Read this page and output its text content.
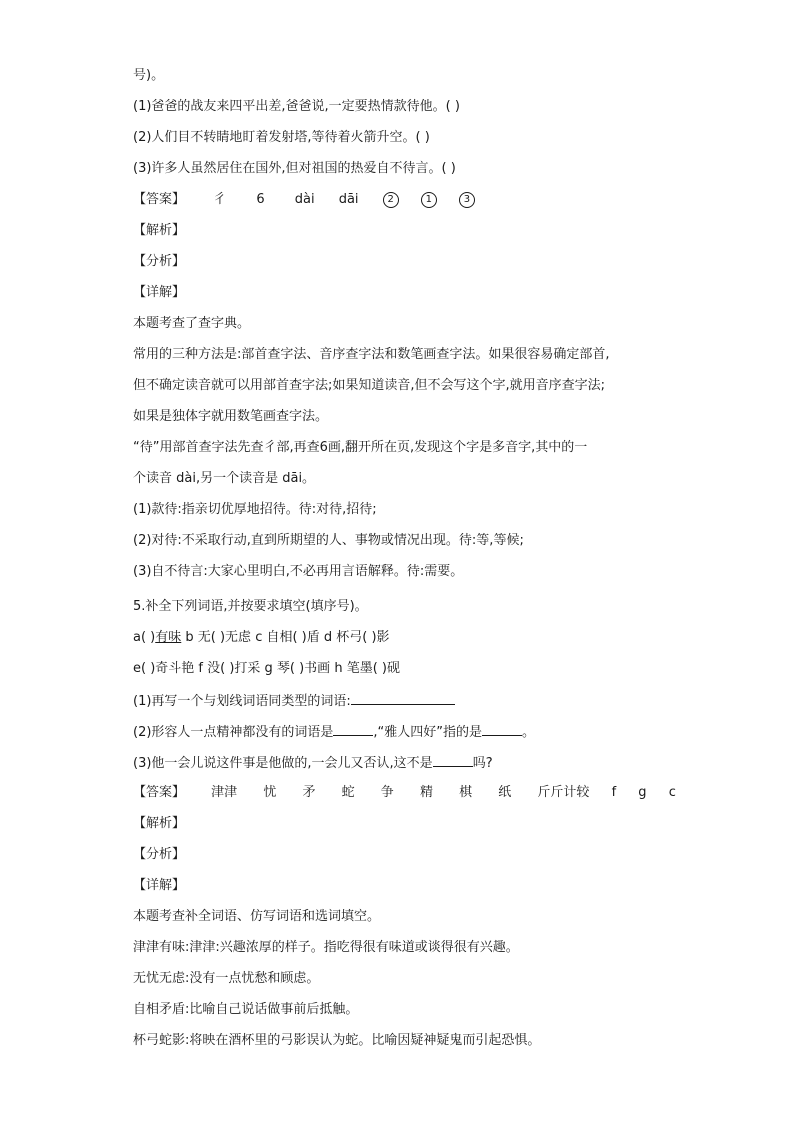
号)。
(1)爸爸的战友来四平出差,爸爸说,一定要热情款待他。( )
(2)人们目不转睛地盯着发射塔,等待着火箭升空。( )
(3)许多人虽然居住在国外,但对祖国的热爱自不待言。( )
【答案】 彳 6 dài dāi	2	1	3
【解析】
【分析】
【详解】
本题考查了查字典。
常用的三种方法是:部首查字法、音序查字法和数笔画查字法。如果很容易确定部首,
但不确定读音就可以用部首查字法;如果知道读音,但不会写这个字,就用音序查字法;
如果是独体字就用数笔画查字法。
“待”用部首查字法先查彳部,再查6画,翻开所在页,发现这个字是多音字,其中的一
个读音 dài,另一个读音是 dāi。
(1)款待:指亲切优厚地招待。待:对待,招待;
(2)对待:不采取行动,直到所期望的人、事物或情况出现。待:等,等候;
(3)自不待言:大家心里明白,不必再用言语解释。待:需要。
5.补全下列词语,并按要求填空(填序号)。
a( )有味 b 无( )无虑 c 自相( )盾 d 杯弓( )影
e( )奇斗艳 f 没( )打采 g 琴( )书画 h 笔墨( )砚
(1)再写一个与划线词语同类型的词语:
(2)形容人一点精神都没有的词语是	,“雅人四好”指的是	。
(3)他一会儿说这件事是他做的,一会儿又否认,这不是	吗?
【答案】 津津 忧 矛 蛇 争 精 棋 纸 斤斤计较 f g c
【解析】
【分析】
【详解】
本题考查补全词语、仿写词语和选词填空。
津津有味:津津:兴趣浓厚的样子。指吃得很有味道或谈得很有兴趣。
无忧无虑:没有一点忧愁和顾虑。
自相矛盾:比喻自己说话做事前后抵触。
杯弓蛇影:将映在酒杯里的弓影误认为蛇。比喻因疑神疑鬼而引起恐惧。
